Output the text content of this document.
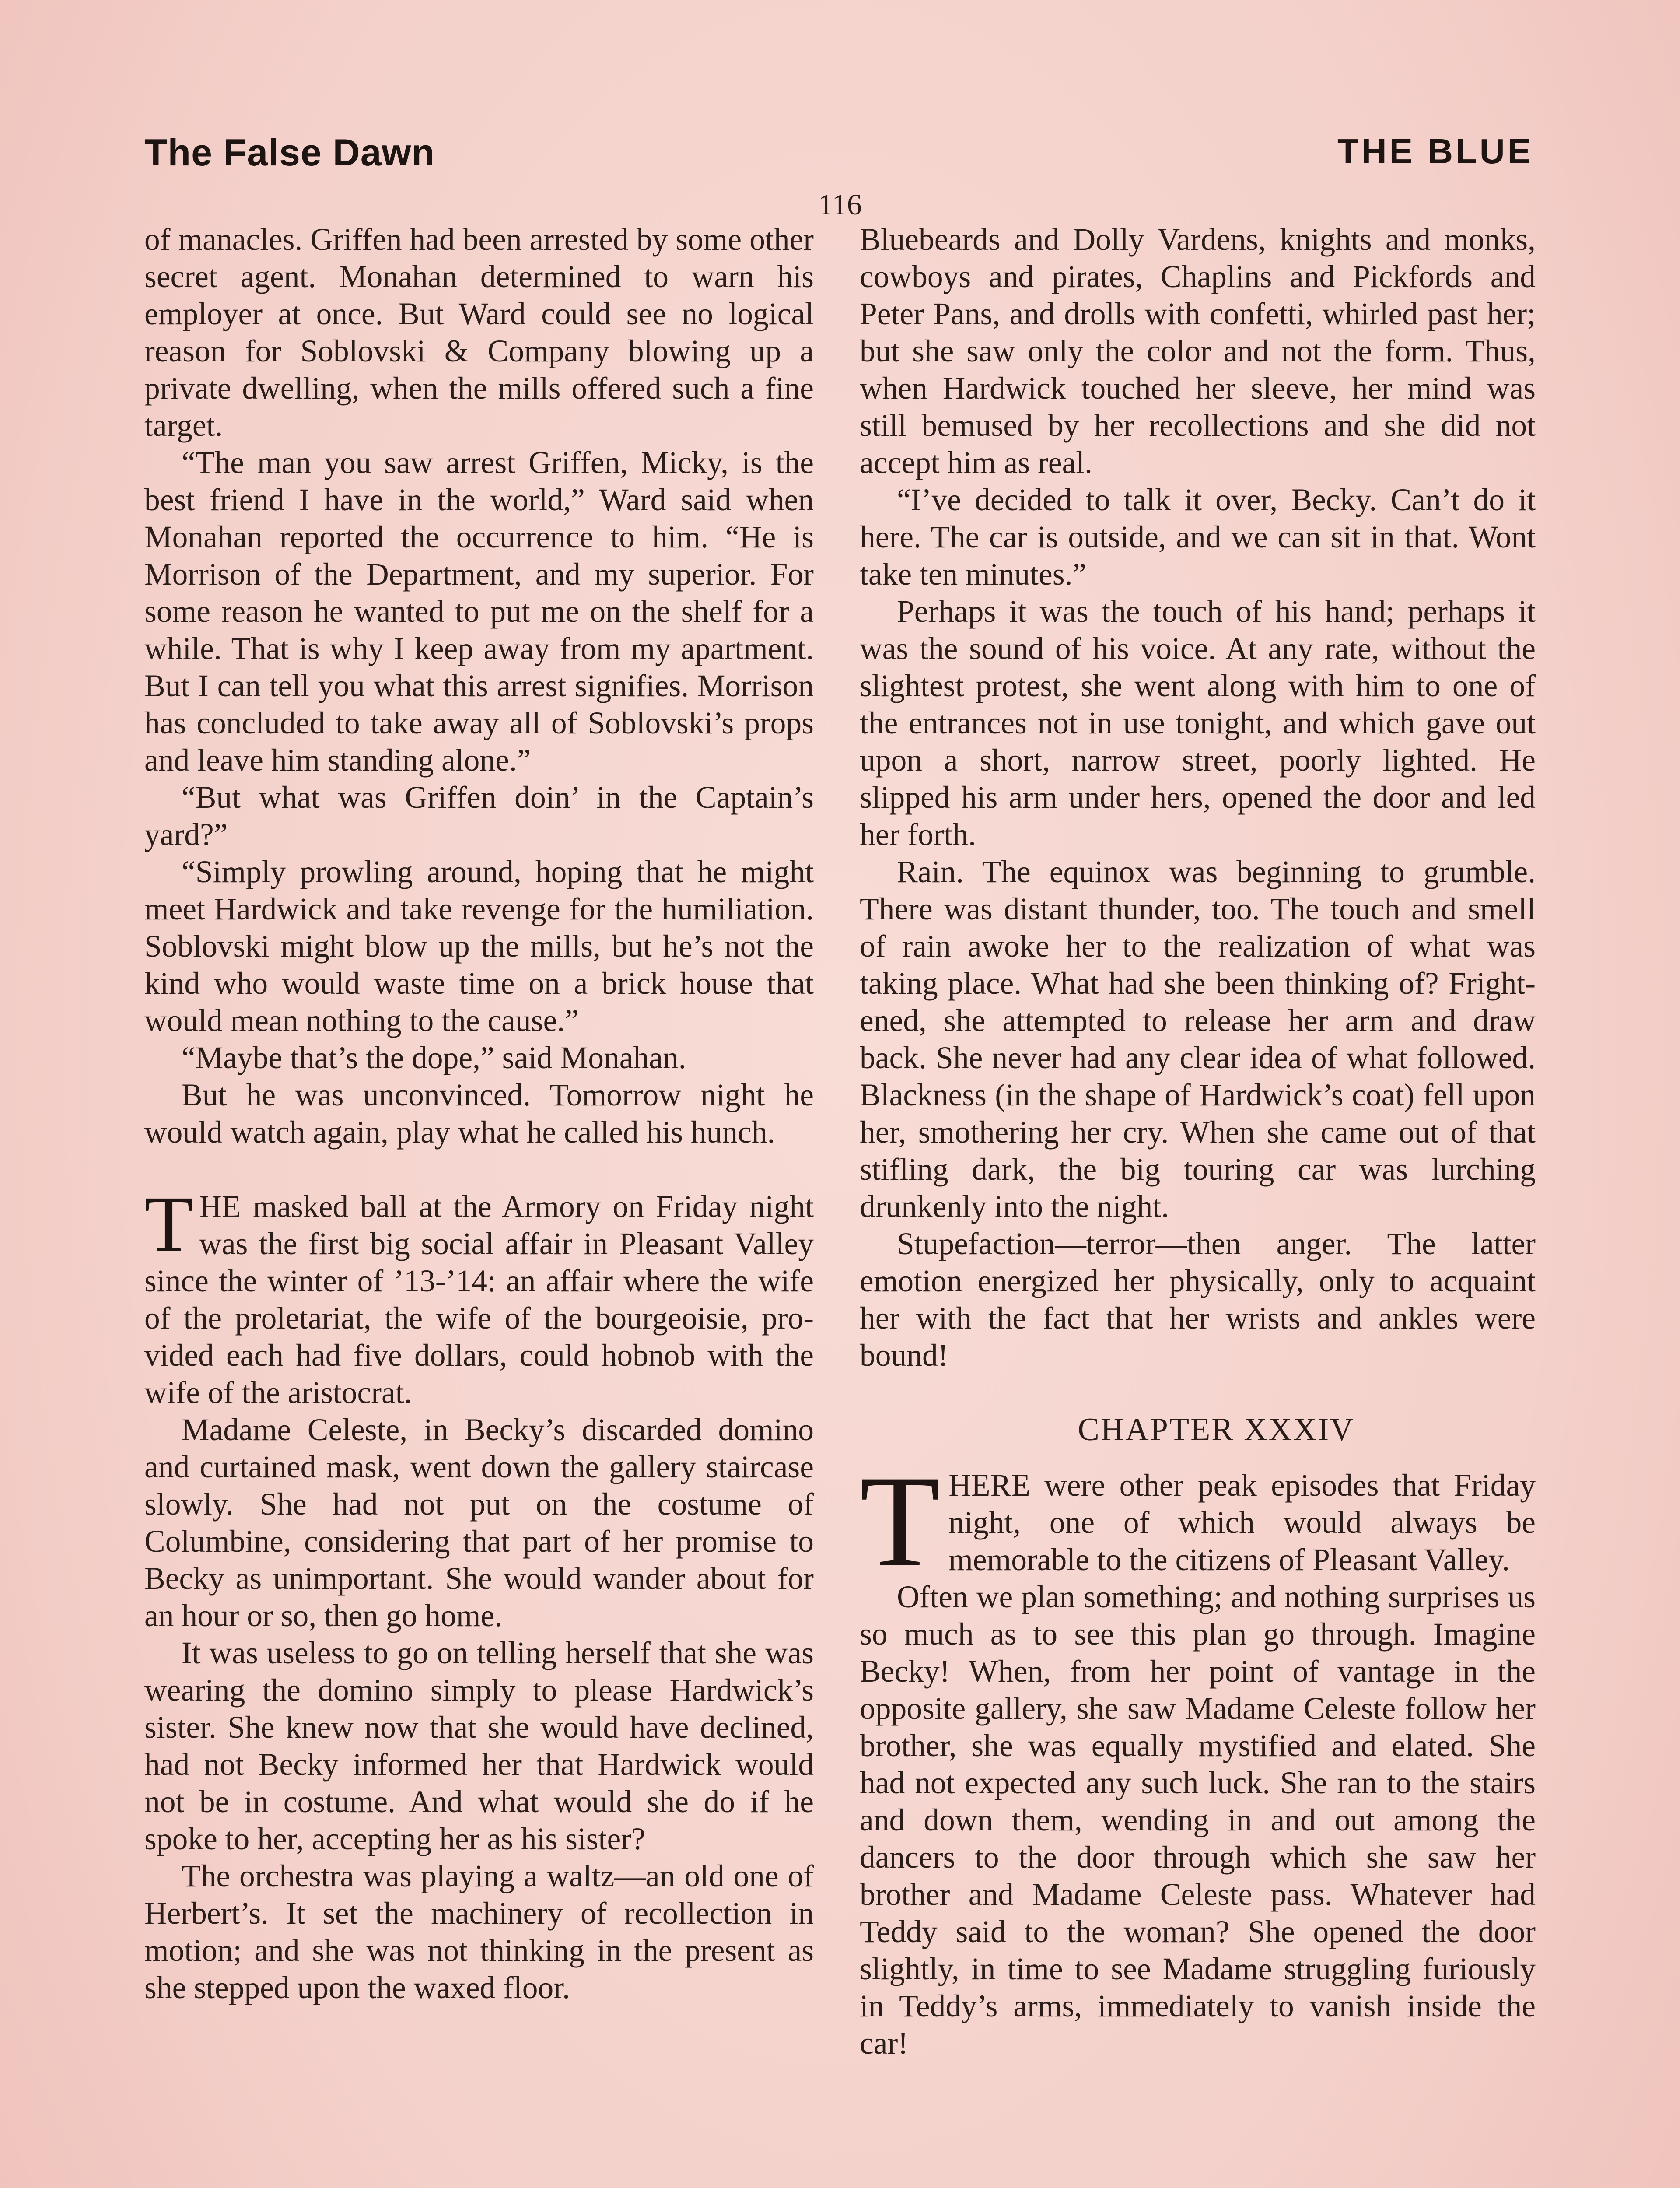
The False Dawn	THE BLUE
116

of manacles. Griffen had been arrested by some other secret agent. Monahan determined to warn his employer at once. But Ward could see no logical reason for Soblovski & Company blowing up a private dwelling, when the mills offered such a fine target.

“The man you saw arrest Griffen, Micky, is the best friend I have in the world,” Ward said when Monahan reported the occurrence to him. “He is Morrison of the Department, and my superior. For some reason he wanted to put me on the shelf for a while. That is why I keep away from my apartment. But I can tell you what this arrest signifies. Morrison has concluded to take away all of Soblovski’s props and leave him standing alone.”

“But what was Griffen doin’ in the Captain’s yard?”

“Simply prowling around, hoping that he might meet Hardwick and take revenge for the humiliation. Soblovski might blow up the mills, but he’s not the kind who would waste time on a brick house that would mean nothing to the cause.”

“Maybe that’s the dope,” said Monahan.

But he was unconvinced. Tomorrow night he would watch again, play what he called his hunch.

THE masked ball at the Armory on Friday night was the first big social affair in Pleasant Valley since the winter of ’13-’14: an affair where the wife of the proletariat, the wife of the bourgeoisie, provided each had five dollars, could hobnob with the wife of the aristocrat.

Madame Celeste, in Becky’s discarded domino and curtained mask, went down the gallery staircase slowly. She had not put on the costume of Columbine, considering that part of her promise to Becky as unimportant. She would wander about for an hour or so, then go home.

It was useless to go on telling herself that she was wearing the domino simply to please Hardwick’s sister. She knew now that she would have declined, had not Becky informed her that Hardwick would not be in costume. And what would she do if he spoke to her, accepting her as his sister?

The orchestra was playing a waltz—an old one of Herbert’s. It set the machinery of recollection in motion; and she was not thinking in the present as she stepped upon the waxed floor.

Bluebeards and Dolly Vardens, knights and monks, cowboys and pirates, Chaplins and Pickfords and Peter Pans, and drolls with confetti, whirled past her; but she saw only the color and not the form. Thus, when Hardwick touched her sleeve, her mind was still bemused by her recollections and she did not accept him as real.

“I’ve decided to talk it over, Becky. Can’t do it here. The car is outside, and we can sit in that. Wont take ten minutes.”

Perhaps it was the touch of his hand; perhaps it was the sound of his voice. At any rate, without the slightest protest, she went along with him to one of the entrances not in use tonight, and which gave out upon a short, narrow street, poorly lighted. He slipped his arm under hers, opened the door and led her forth.

Rain. The equinox was beginning to grumble. There was distant thunder, too. The touch and smell of rain awoke her to the realization of what was taking place. What had she been thinking of? Frightened, she attempted to release her arm and draw back. She never had any clear idea of what followed. Blackness (in the shape of Hardwick’s coat) fell upon her, smothering her cry. When she came out of that stifling dark, the big touring car was lurching drunkenly into the night.

Stupefaction—terror—then anger. The latter emotion energized her physically, only to acquaint her with the fact that her wrists and ankles were bound!

CHAPTER XXXIV

THERE were other peak episodes that Friday night, one of which would always be memorable to the citizens of Pleasant Valley.

Often we plan something; and nothing surprises us so much as to see this plan go through. Imagine Becky! When, from her point of vantage in the opposite gallery, she saw Madame Celeste follow her brother, she was equally mystified and elated. She had not expected any such luck. She ran to the stairs and down them, wending in and out among the dancers to the door through which she saw her brother and Madame Celeste pass. Whatever had Teddy said to the woman? She opened the door slightly, in time to see Madame struggling furiously in Teddy’s arms, immediately to vanish inside the car!
